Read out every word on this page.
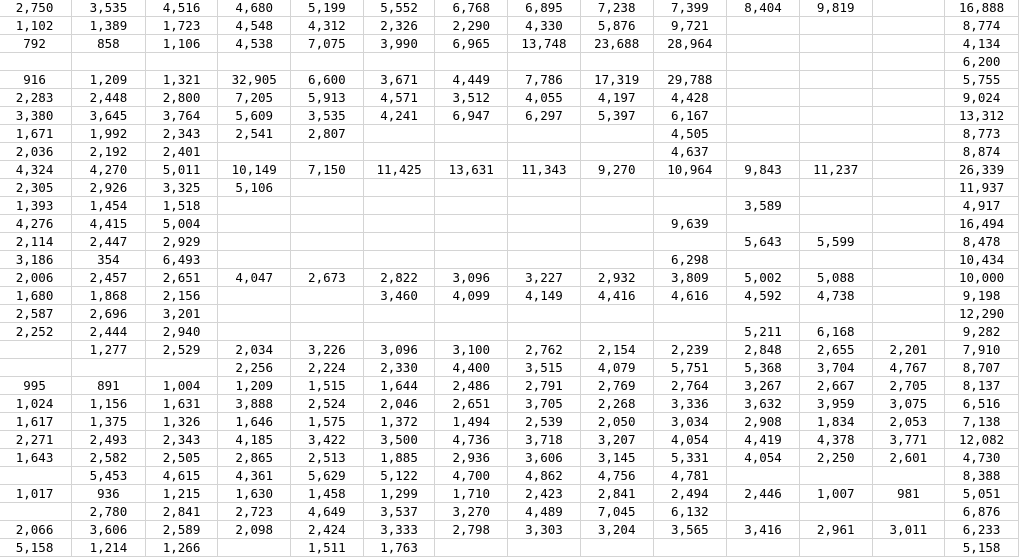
2,750	3,535	4,516	4,680	5,199	5,552	6,768	6,895	7,238	7,399	8,404	9,819		16,888
1,102	1,389	1,723	4,548	4,312	2,326	2,290	4,330	5,876	9,721				8,774
792	858	1,106	4,538	7,075	3,990	6,965	13,748	23,688	28,964				4,134
													6,200
916	1,209	1,321	32,905	6,600	3,671	4,449	7,786	17,319	29,788				5,755
2,283	2,448	2,800	7,205	5,913	4,571	3,512	4,055	4,197	4,428				9,024
3,380	3,645	3,764	5,609	3,535	4,241	6,947	6,297	5,397	6,167				13,312
1,671	1,992	2,343	2,541	2,807					4,505				8,773
2,036	2,192	2,401							4,637				8,874
4,324	4,270	5,011	10,149	7,150	11,425	13,631	11,343	9,270	10,964	9,843	11,237		26,339
2,305	2,926	3,325	5,106										11,937
1,393	1,454	1,518								3,589			4,917
4,276	4,415	5,004							9,639				16,494
2,114	2,447	2,929								5,643	5,599		8,478
3,186	354	6,493							6,298				10,434
2,006	2,457	2,651	4,047	2,673	2,822	3,096	3,227	2,932	3,809	5,002	5,088		10,000
1,680	1,868	2,156			3,460	4,099	4,149	4,416	4,616	4,592	4,738		9,198
2,587	2,696	3,201											12,290
2,252	2,444	2,940								5,211	6,168		9,282
	1,277	2,529	2,034	3,226	3,096	3,100	2,762	2,154	2,239	2,848	2,655	2,201	7,910
			2,256	2,224	2,330	4,400	3,515	4,079	5,751	5,368	3,704	4,767	8,707
995	891	1,004	1,209	1,515	1,644	2,486	2,791	2,769	2,764	3,267	2,667	2,705	8,137
1,024	1,156	1,631	3,888	2,524	2,046	2,651	3,705	2,268	3,336	3,632	3,959	3,075	6,516
1,617	1,375	1,326	1,646	1,575	1,372	1,494	2,539	2,050	3,034	2,908	1,834	2,053	7,138
2,271	2,493	2,343	4,185	3,422	3,500	4,736	3,718	3,207	4,054	4,419	4,378	3,771	12,082
1,643	2,582	2,505	2,865	2,513	1,885	2,936	3,606	3,145	5,331	4,054	2,250	2,601	4,730
	5,453	4,615	4,361	5,629	5,122	4,700	4,862	4,756	4,781				8,388
1,017	936	1,215	1,630	1,458	1,299	1,710	2,423	2,841	2,494	2,446	1,007	981	5,051
	2,780	2,841	2,723	4,649	3,537	3,270	4,489	7,045	6,132				6,876
2,066	3,606	2,589	2,098	2,424	3,333	2,798	3,303	3,204	3,565	3,416	2,961	3,011	6,233
5,158	1,214	1,266		1,511	1,763								5,158
